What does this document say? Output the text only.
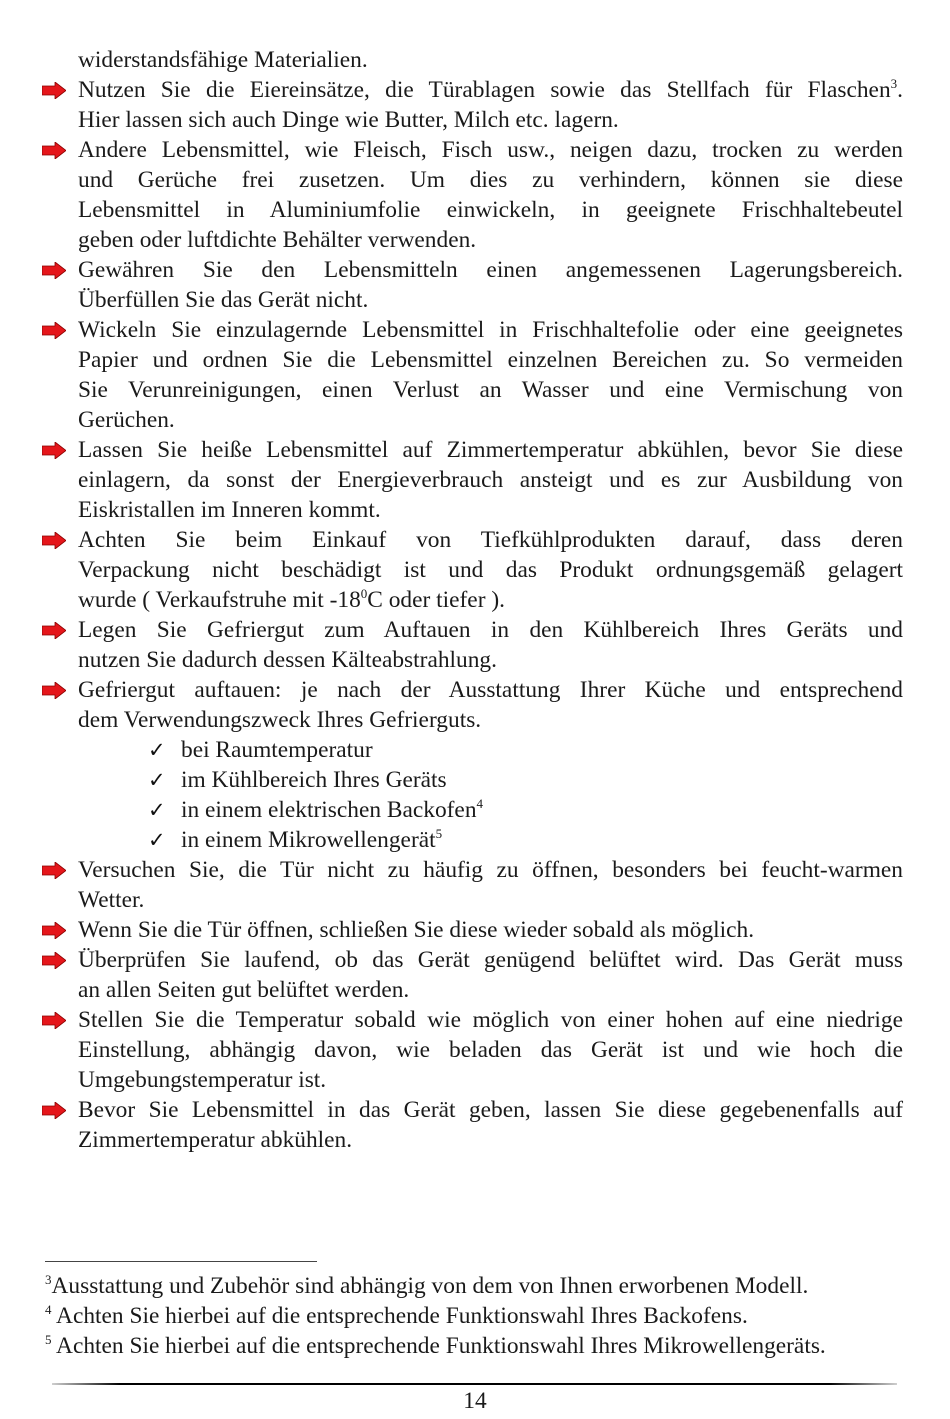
widerstandsfähige Materialien.
Nutzen Sie die Eiereinsätze, die Türablagen sowie das Stellfach für Flaschen$^3$.
Hier lassen sich auch Dinge wie Butter, Milch etc. lagern.
Andere Lebensmittel, wie Fleisch, Fisch usw., neigen dazu, trocken zu werden
und Gerüche frei zusetzen. Um dies zu verhindern, können sie diese
Lebensmittel in Aluminiumfolie einwickeln, in geeignete Frischhaltebeutel
geben oder luftdichte Behälter verwenden.
Gewähren Sie den Lebensmitteln einen angemessenen Lagerungsbereich.
Überfüllen Sie das Gerät nicht.
Wickeln Sie einzulagernde Lebensmittel in Frischhaltefolie oder eine geeignetes
Papier und ordnen Sie die Lebensmittel einzelnen Bereichen zu. So vermeiden
Sie Verunreinigungen, einen Verlust an Wasser und eine Vermischung von
Gerüchen.
Lassen Sie heiße Lebensmittel auf Zimmertemperatur abkühlen, bevor Sie diese
einlagern, da sonst der Energieverbrauch ansteigt und es zur Ausbildung von
Eiskristallen im Inneren kommt.
Achten Sie beim Einkauf von Tiefkühlprodukten darauf, dass deren
Verpackung nicht beschädigt ist und das Produkt ordnungsgemäß gelagert
wurde ( Verkaufstruhe mit $-18^0C$ oder tiefer ).
Legen Sie Gefriergut zum Auftauen in den Kühlbereich Ihres Geräts und
nutzen Sie dadurch dessen Kälteabstrahlung.
Gefriergut auftauen: je nach der Ausstattung Ihrer Küche und entsprechend
dem Verwendungszweck Ihres Gefrierguts.
✓ bei Raumtemperatur
✓ im Kühlbereich Ihres Geräts
✓ in einem elektrischen Backofen$^4$
✓ in einem Mikrowellengerät$^5$
Versuchen Sie, die Tür nicht zu häufig zu öffnen, besonders bei feucht-warmen
Wetter.
Wenn Sie die Tür öffnen, schließen Sie diese wieder sobald als möglich.
Überprüfen Sie laufend, ob das Gerät genügend belüftet wird. Das Gerät muss
an allen Seiten gut belüftet werden.
Stellen Sie die Temperatur sobald wie möglich von einer hohen auf eine niedrige
Einstellung, abhängig davon, wie beladen das Gerät ist und wie hoch die
Umgebungstemperatur ist.
Bevor Sie Lebensmittel in das Gerät geben, lassen Sie diese gegebenenfalls auf
Zimmertemperatur abkühlen.
$^3$Ausstattung und Zubehör sind abhängig von dem von Ihnen erworbenen Modell.
$^4$ Achten Sie hierbei auf die entsprechende Funktionswahl Ihres Backofens.
$^5$ Achten Sie hierbei auf die entsprechende Funktionswahl Ihres Mikrowellengeräts.
14
